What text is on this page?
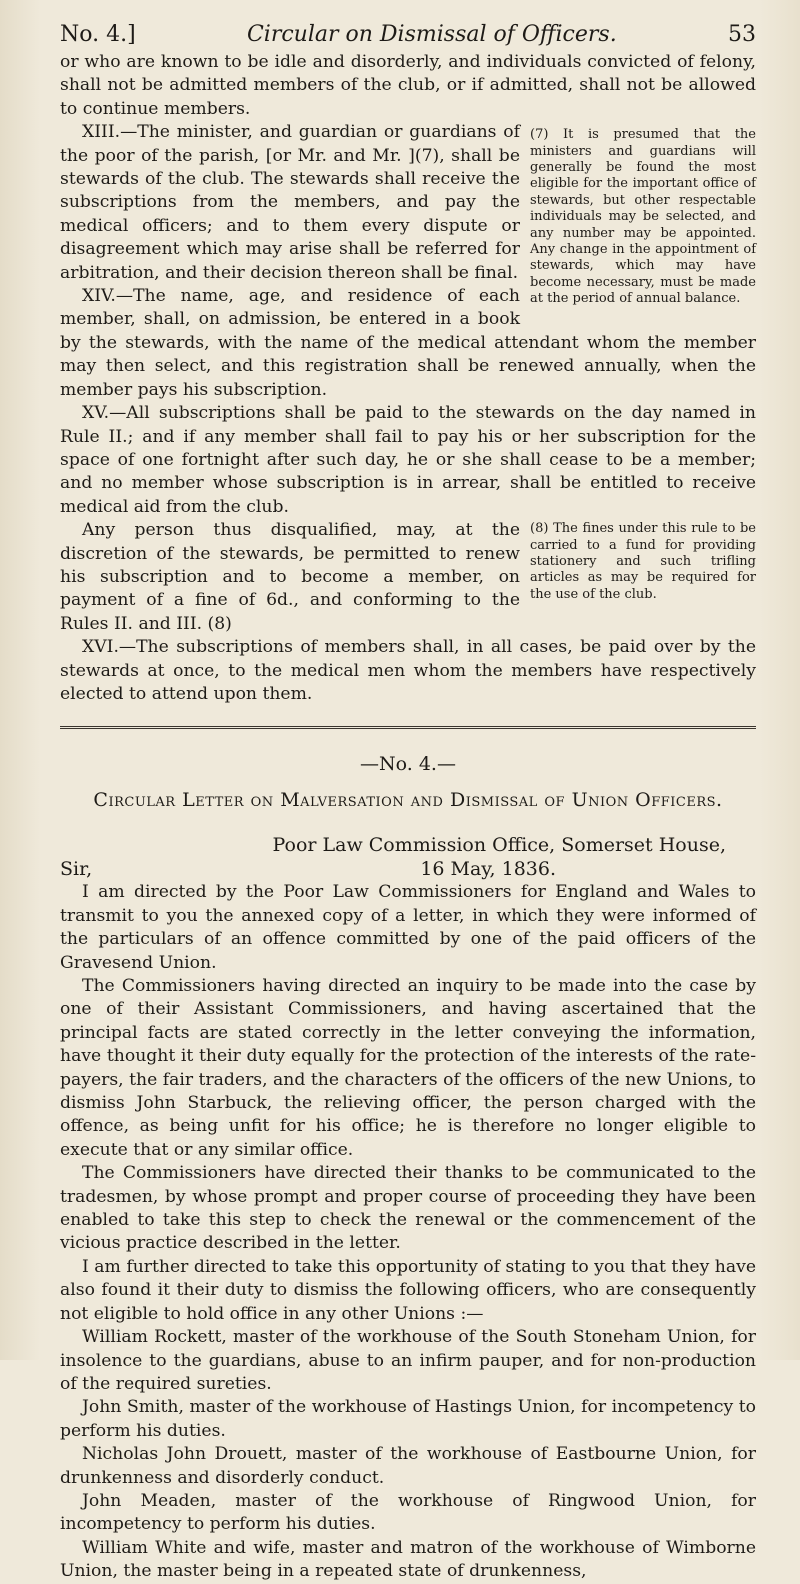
No. 4.]	Circular on Dismissal of Officers.	53

or who are known to be idle and disorderly, and individuals convicted of felony, shall not be admitted members of the club, or if admitted, shall not be allowed to continue members.

(7) It is presumed that the ministers and guardians will generally be found the most eligible for the important office of stewards, but other respectable individuals may be selected, and any number may be appointed. Any change in the appointment of stewards, which may have become necessary, must be made at the period of annual balance.

XIII.—The minister, and guardian or guardians of the poor of the parish, [or Mr. and Mr. ](7), shall be stewards of the club. The stewards shall receive the subscriptions from the members, and pay the medical officers; and to them every dispute or disagreement which may arise shall be referred for arbitration, and their decision thereon shall be final.

XIV.—The name, age, and residence of each member, shall, on admission, be entered in a book by the stewards, with the name of the medical attendant whom the member may then select, and this registration shall be renewed annually, when the member pays his subscription.

XV.—All subscriptions shall be paid to the stewards on the day named in Rule II.; and if any member shall fail to pay his or her subscription for the space of one fortnight after such day, he or she shall cease to be a member; and no member whose subscription is in arrear, shall be entitled to receive medical aid from the club.

(8) The fines under this rule to be carried to a fund for providing stationery and such trifling articles as may be required for the use of the club.

Any person thus disqualified, may, at the discretion of the stewards, be permitted to renew his subscription and to become a member, on payment of a fine of 6d., and conforming to the Rules II. and III. (8)

XVI.—The subscriptions of members shall, in all cases, be paid over by the stewards at once, to the medical men whom the members have respectively elected to attend upon them.

—No. 4.—
Circular Letter on Malversation and Dismissal of Union Officers.
Poor Law Commission Office, Somerset House,
Sir,	16 May, 1836.

I am directed by the Poor Law Commissioners for England and Wales to transmit to you the annexed copy of a letter, in which they were informed of the particulars of an offence committed by one of the paid officers of the Gravesend Union.

The Commissioners having directed an inquiry to be made into the case by one of their Assistant Commissioners, and having ascertained that the principal facts are stated correctly in the letter conveying the information, have thought it their duty equally for the protection of the interests of the rate-payers, the fair traders, and the characters of the officers of the new Unions, to dismiss John Starbuck, the relieving officer, the person charged with the offence, as being unfit for his office; he is therefore no longer eligible to execute that or any similar office.

The Commissioners have directed their thanks to be communicated to the tradesmen, by whose prompt and proper course of proceeding they have been enabled to take this step to check the renewal or the commencement of the vicious practice described in the letter.

I am further directed to take this opportunity of stating to you that they have also found it their duty to dismiss the following officers, who are consequently not eligible to hold office in any other Unions :—

William Rockett, master of the workhouse of the South Stoneham Union, for insolence to the guardians, abuse to an infirm pauper, and for non-production of the required sureties.

John Smith, master of the workhouse of Hastings Union, for incompetency to perform his duties.

Nicholas John Drouett, master of the workhouse of Eastbourne Union, for drunkenness and disorderly conduct.

John Meaden, master of the workhouse of Ringwood Union, for incompetency to perform his duties.

William White and wife, master and matron of the workhouse of Wimborne Union, the master being in a repeated state of drunkenness,
